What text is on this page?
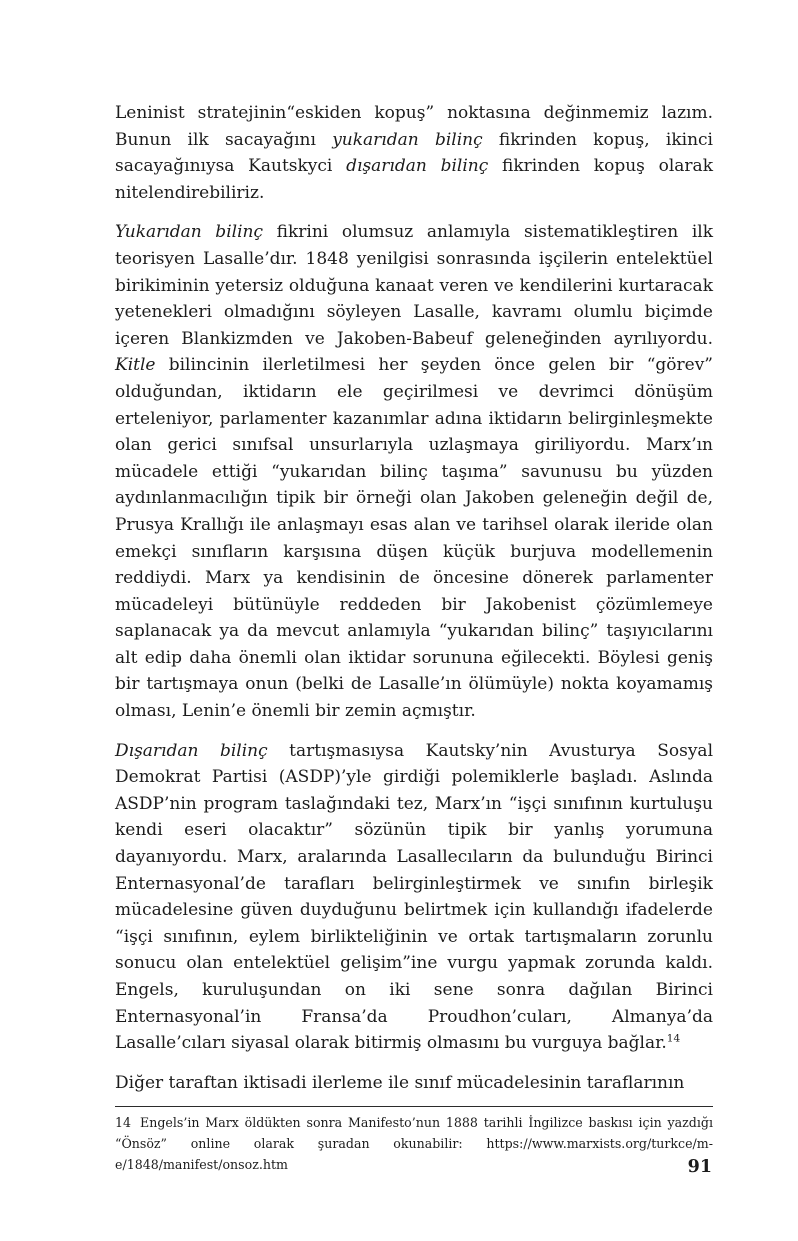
Leninist stratejinin“eskiden kopuş” noktasına değinmemiz lazım. Bunun ilk sacayağını yukarıdan bilinç fikrinden kopuş, ikinci sacayağınıysa Kautskyci dışarıdan bilinç fikrinden kopuş olarak nitelendirebiliriz.

Yukarıdan bilinç fikrini olumsuz anlamıyla sistematikleştiren ilk teorisyen Lasalle’dır. 1848 yenilgisi sonrasında işçilerin entelektüel birikiminin yetersiz olduğuna kanaat veren ve kendilerini kurtaracak yetenekleri olmadığını söyleyen Lasalle, kavramı olumlu biçimde içeren Blankizmden ve Jakoben-Babeuf geleneğinden ayrılıyordu. Kitle bilincinin ilerletilmesi her şeyden önce gelen bir “görev” olduğundan, iktidarın ele geçirilmesi ve devrimci dönüşüm erteleniyor, parlamenter kazanımlar adına iktidarın belirginleşmekte olan gerici sınıfsal unsurlarıyla uzlaşmaya giriliyordu. Marx’ın mücadele ettiği “yukarıdan bilinç taşıma” savunusu bu yüzden aydınlanmacılığın tipik bir örneği olan Jakoben geleneğin değil de, Prusya Krallığı ile anlaşmayı esas alan ve tarihsel olarak ileride olan emekçi sınıfların karşısına düşen küçük burjuva modellemenin reddiydi. Marx ya kendisinin de öncesine dönerek parlamenter mücadeleyi bütünüyle reddeden bir Jakobenist çözümlemeye saplanacak ya da mevcut anlamıyla “yukarıdan bilinç” taşıyıcılarını alt edip daha önemli olan iktidar sorununa eğilecekti. Böylesi geniş bir tartışmaya onun (belki de Lasalle’ın ölümüyle) nokta koyamamış olması, Lenin’e önemli bir zemin açmıştır.

Dışarıdan bilinç tartışmasıysa Kautsky’nin Avusturya Sosyal Demokrat Partisi (ASDP)’yle girdiği polemiklerle başladı. Aslında ASDP’nin program taslağındaki tez, Marx’ın “işçi sınıfının kurtuluşu kendi eseri olacaktır” sözünün tipik bir yanlış yorumuna dayanıyordu. Marx, aralarında Lasallecıların da bulunduğu Birinci Enternasyonal’de tarafları belirginleştirmek ve sınıfın birleşik mücadelesine güven duyduğunu belirtmek için kullandığı ifadelerde “işçi sınıfının, eylem birlikteliğinin ve ortak tartışmaların zorunlu sonucu olan entelektüel gelişim”ine vurgu yapmak zorunda kaldı. Engels, kuruluşundan on iki sene sonra dağılan Birinci Enternasyonal’in Fransa’da Proudhon’cuları, Almanya’da Lasalle’cıları siyasal olarak bitirmiş olmasını bu vurguya bağlar.$^{14}$

Diğer taraftan iktisadi ilerleme ile sınıf mücadelesinin taraflarının

14 Engels’in Marx öldükten sonra Manifesto’nun 1888 tarihli İngilizce baskısı için yazdığı “Önsöz” online olarak şuradan okunabilir: https://www.marxists.org/turkce/m-e/1848/manifest/onsoz.htm	91
